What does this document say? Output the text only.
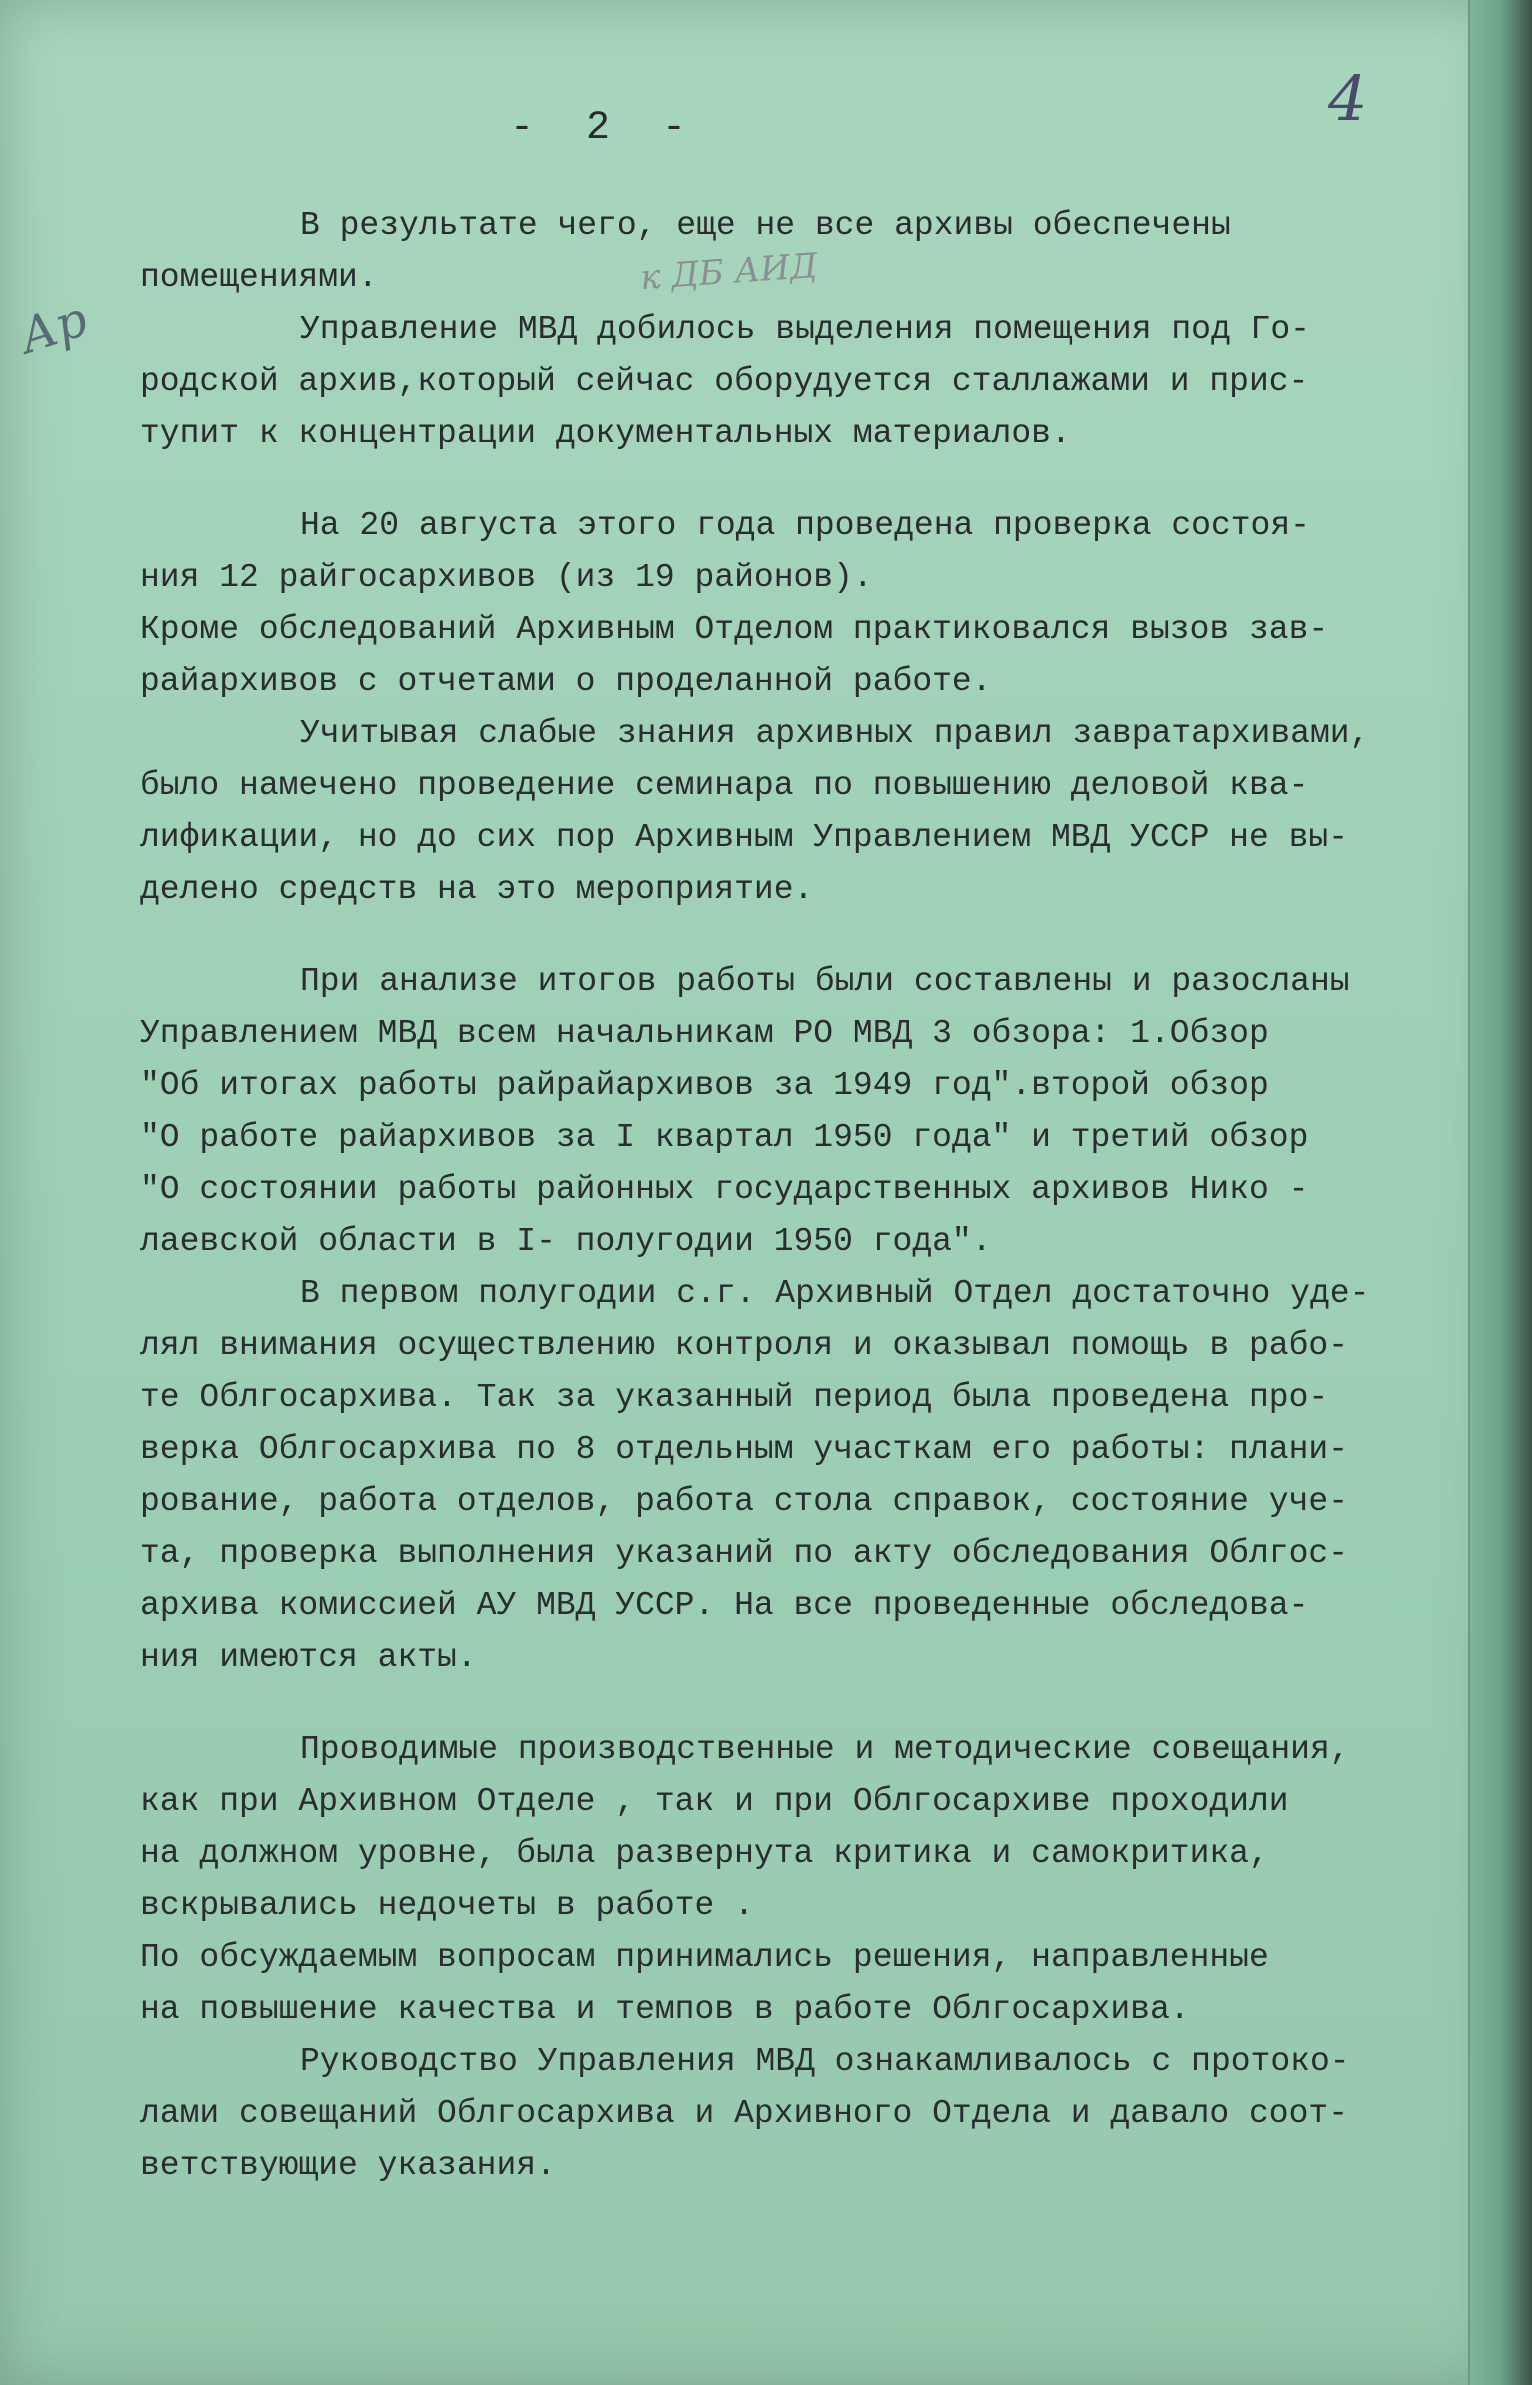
- 2 -	4
Ар
к ДБ АИД
В результате чего, еще не все архивы обеспечены
помещениями.
Управление МВД добилось выделения помещения под Го-
родской архив,который сейчас оборудуется сталлажами и прис-
тупит к концентрации документальных материалов.
На 20 августа этого года проведена проверка состоя-
ния 12 райгосархивов (из 19 районов).
Кроме обследований Архивным Отделом практиковался вызов зав-
райархивов с отчетами о проделанной работе.
Учитывая слабые знания архивных правил завратархивами,
было намечено проведение семинара по повышению деловой ква-
лификации, но до сих пор Архивным Управлением МВД УССР не вы-
делено средств на это мероприятие.
При анализе итогов работы были составлены и разосланы
Управлением МВД всем начальникам РО МВД 3 обзора: 1.Обзор
"Об итогах работы райрайархивов за 1949 год".второй обзор
"О работе райархивов за I квартал 1950 года" и третий обзор
"О состоянии работы районных государственных архивов Нико -
лаевской области в I- полугодии 1950 года".
В первом полугодии с.г. Архивный Отдел достаточно уде-
лял внимания осуществлению контроля и оказывал помощь в рабо-
те Облгосархива. Так за указанный период была проведена про-
верка Облгосархива по 8 отдельным участкам его работы: плани-
рование, работа отделов, работа стола справок, состояние уче-
та, проверка выполнения указаний по акту обследования Облгос-
архива комиссией АУ МВД УССР. На все проведенные обследова-
ния имеются акты.
Проводимые производственные и методические совещания,
как при Архивном Отделе , так и при Облгосархиве проходили
на должном уровне, была развернута критика и самокритика,
вскрывались недочеты в работе .
По обсуждаемым вопросам принимались решения, направленные
на повышение качества и темпов в работе Облгосархива.
Руководство Управления МВД ознакамливалось с протоко-
лами совещаний Облгосархива и Архивного Отдела и давало соот-
ветствующие указания.
